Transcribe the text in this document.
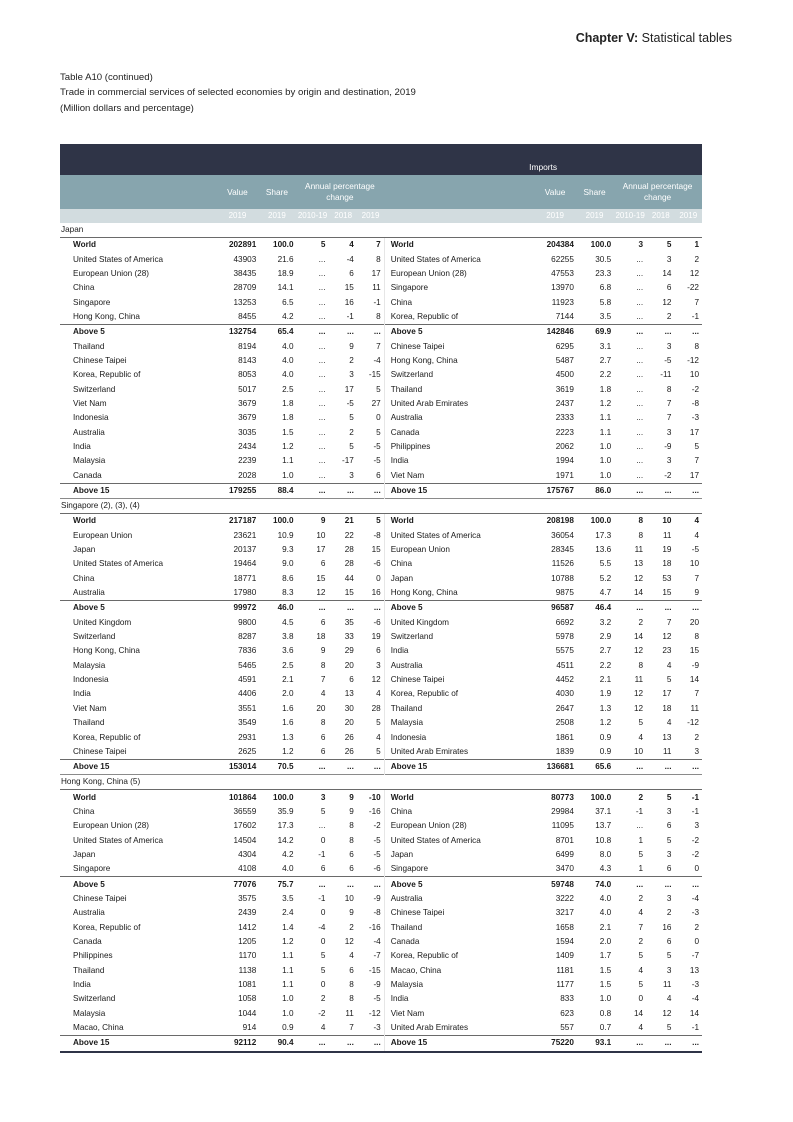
Chapter V: Statistical tables
Table A10 (continued)
Trade in commercial services of selected economies by origin and destination, 2019
(Million dollars and percentage)
						Imports					
	Value	Share	Annual percentage
change				Value	Share	Annual percentage
change		
	2019	2019	2010-19	2018	2019		2019	2019	2010-19	2018	2019
Japan											
World	202891	100.0	5	4	7	World	204384	100.0	3	5	1
United States of America	43903	21.6	...	-4	8	United States of America	62255	30.5	...	3	2
European Union (28)	38435	18.9	...	6	17	European Union (28)	47553	23.3	...	14	12
China	28709	14.1	...	15	11	Singapore	13970	6.8	...	6	-22
Singapore	13253	6.5	...	16	-1	China	11923	5.8	...	12	7
Hong Kong, China	8455	4.2	...	-1	8	Korea, Republic of	7144	3.5	...	2	-1
Above 5	132754	65.4	...	...	...	Above 5	142846	69.9	...	...	...
Thailand	8194	4.0	...	9	7	Chinese Taipei	6295	3.1	...	3	8
Chinese Taipei	8143	4.0	...	2	-4	Hong Kong, China	5487	2.7	...	-5	-12
Korea, Republic of	8053	4.0	...	3	-15	Switzerland	4500	2.2	...	-11	10
Switzerland	5017	2.5	...	17	5	Thailand	3619	1.8	...	8	-2
Viet Nam	3679	1.8	...	-5	27	United Arab Emirates	2437	1.2	...	7	-8
Indonesia	3679	1.8	...	5	0	Australia	2333	1.1	...	7	-3
Australia	3035	1.5	...	2	5	Canada	2223	1.1	...	3	17
India	2434	1.2	...	5	-5	Philippines	2062	1.0	...	-9	5
Malaysia	2239	1.1	...	-17	-5	India	1994	1.0	...	3	7
Canada	2028	1.0	...	3	6	Viet Nam	1971	1.0	...	-2	17
Above 15	179255	88.4	...	...	...	Above 15	175767	86.0	...	...	...
Singapore (2), (3), (4)											
World	217187	100.0	9	21	5	World	208198	100.0	8	10	4
European Union	23621	10.9	10	22	-8	United States of America	36054	17.3	8	11	4
Japan	20137	9.3	17	28	15	European Union	28345	13.6	11	19	-5
United States of America	19464	9.0	6	28	-6	China	11526	5.5	13	18	10
China	18771	8.6	15	44	0	Japan	10788	5.2	12	53	7
Australia	17980	8.3	12	15	16	Hong Kong, China	9875	4.7	14	15	9
Above 5	99972	46.0	...	...	...	Above 5	96587	46.4	...	...	...
United Kingdom	9800	4.5	6	35	-6	United Kingdom	6692	3.2	2	7	20
Switzerland	8287	3.8	18	33	19	Switzerland	5978	2.9	14	12	8
Hong Kong, China	7836	3.6	9	29	6	India	5575	2.7	12	23	15
Malaysia	5465	2.5	8	20	3	Australia	4511	2.2	8	4	-9
Indonesia	4591	2.1	7	6	12	Chinese Taipei	4452	2.1	11	5	14
India	4406	2.0	4	13	4	Korea, Republic of	4030	1.9	12	17	7
Viet Nam	3551	1.6	20	30	28	Thailand	2647	1.3	12	18	11
Thailand	3549	1.6	8	20	5	Malaysia	2508	1.2	5	4	-12
Korea, Republic of	2931	1.3	6	26	4	Indonesia	1861	0.9	4	13	2
Chinese Taipei	2625	1.2	6	26	5	United Arab Emirates	1839	0.9	10	11	3
Above 15	153014	70.5	...	...	...	Above 15	136681	65.6	...	...	...
Hong Kong, China (5)											
World	101864	100.0	3	9	-10	World	80773	100.0	2	5	-1
China	36559	35.9	5	9	-16	China	29984	37.1	-1	3	-1
European Union (28)	17602	17.3	...	8	-2	European Union (28)	11095	13.7	...	6	3
United States of America	14504	14.2	0	8	-5	United States of America	8701	10.8	1	5	-2
Japan	4304	4.2	-1	6	-5	Japan	6499	8.0	5	3	-2
Singapore	4108	4.0	6	6	-6	Singapore	3470	4.3	1	6	0
Above 5	77076	75.7	...	...	...	Above 5	59748	74.0	...	...	...
Chinese Taipei	3575	3.5	-1	10	-9	Australia	3222	4.0	2	3	-4
Australia	2439	2.4	0	9	-8	Chinese Taipei	3217	4.0	4	2	-3
Korea, Republic of	1412	1.4	-4	2	-16	Thailand	1658	2.1	7	16	2
Canada	1205	1.2	0	12	-4	Canada	1594	2.0	2	6	0
Philippines	1170	1.1	5	4	-7	Korea, Republic of	1409	1.7	5	5	-7
Thailand	1138	1.1	5	6	-15	Macao, China	1181	1.5	4	3	13
India	1081	1.1	0	8	-9	Malaysia	1177	1.5	5	11	-3
Switzerland	1058	1.0	2	8	-5	India	833	1.0	0	4	-4
Malaysia	1044	1.0	-2	11	-12	Viet Nam	623	0.8	14	12	14
Macao, China	914	0.9	4	7	-3	United Arab Emirates	557	0.7	4	5	-1
Above 15	92112	90.4	...	...	...	Above 15	75220	93.1	...	...	...
